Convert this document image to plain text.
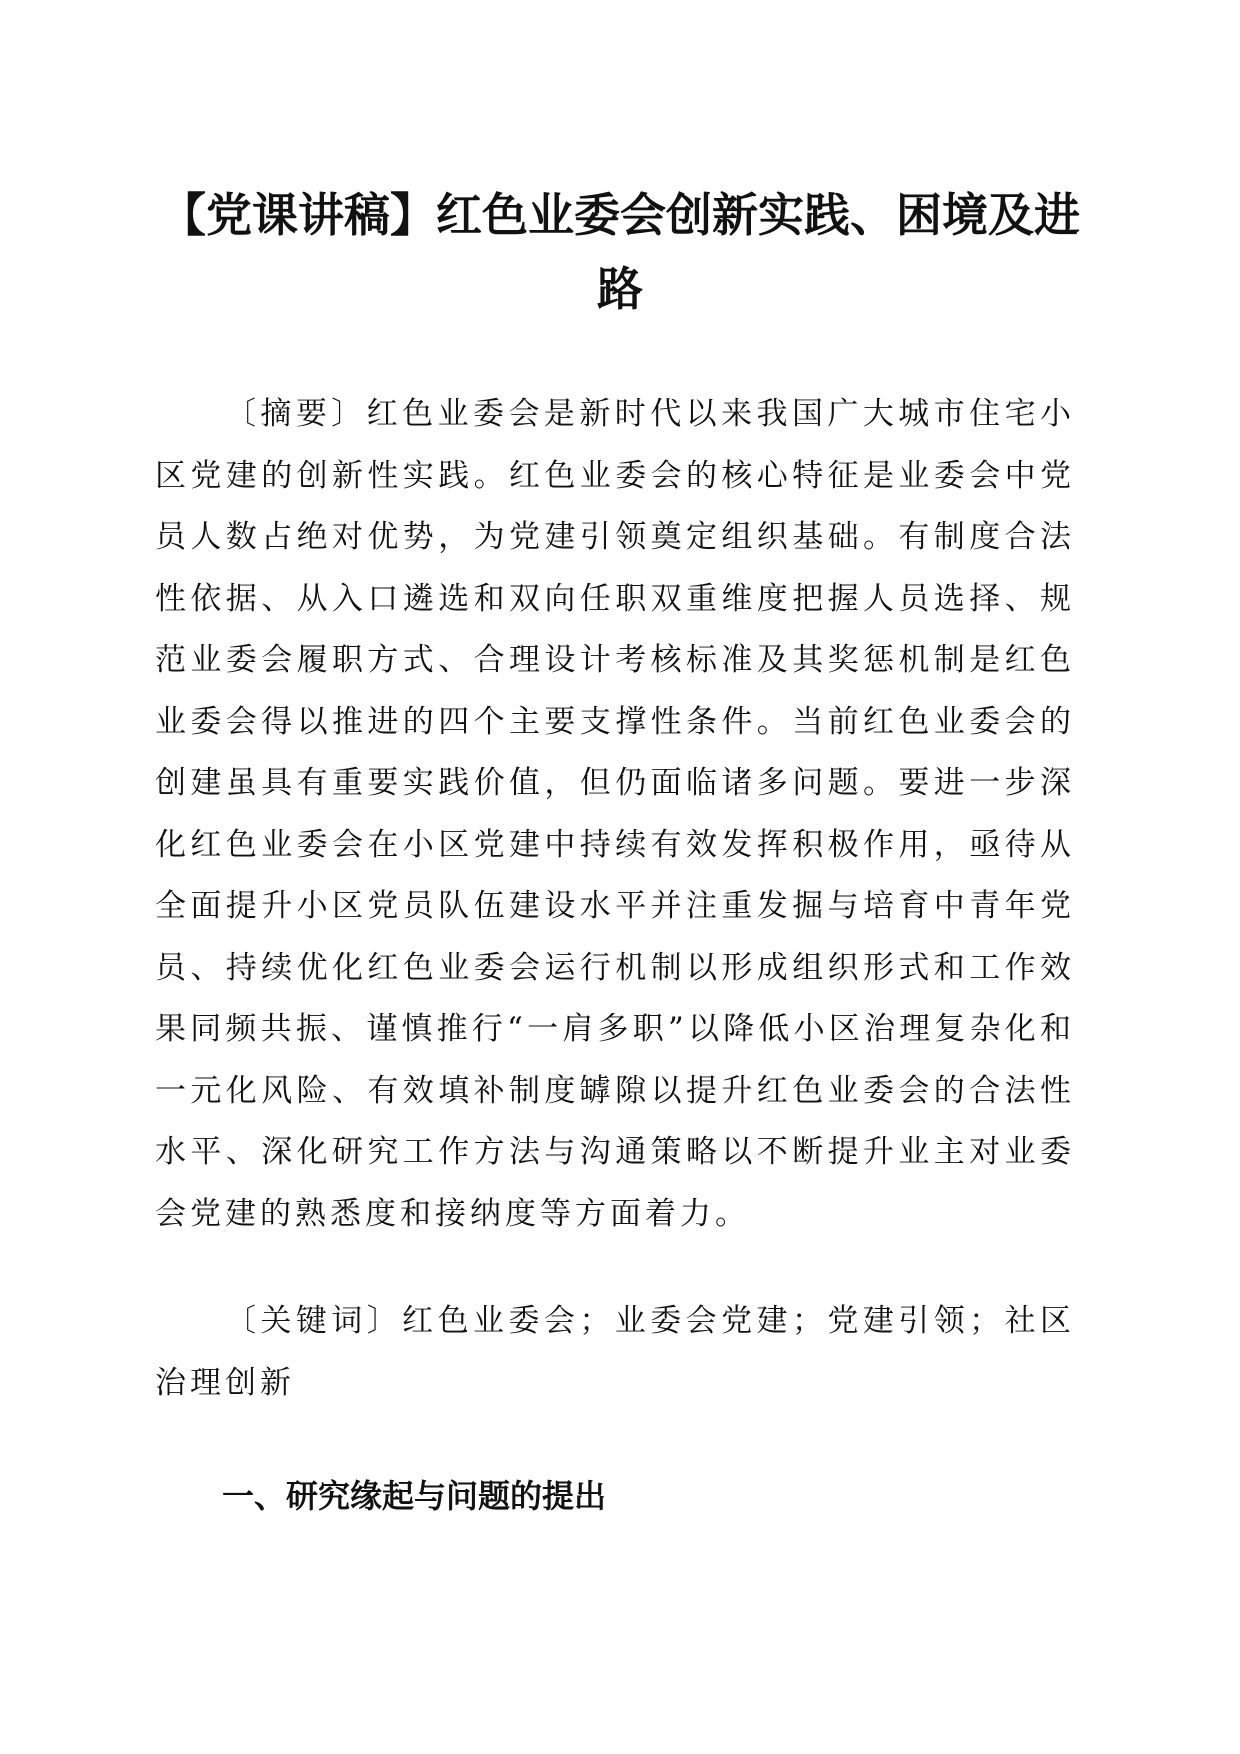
【党课讲稿】红色业委会创新实践、困境及进路

〔摘要〕红色业委会是新时代以来我国广大城市住宅小区党建的创新性实践。红色业委会的核心特征是业委会中党员人数占绝对优势，为党建引领奠定组织基础。有制度合法性依据、从入口遴选和双向任职双重维度把握人员选择、规范业委会履职方式、合理设计考核标准及其奖惩机制是红色业委会得以推进的四个主要支撑性条件。当前红色业委会的创建虽具有重要实践价值，但仍面临诸多问题。要进一步深化红色业委会在小区党建中持续有效发挥积极作用，亟待从全面提升小区党员队伍建设水平并注重发掘与培育中青年党员、持续优化红色业委会运行机制以形成组织形式和工作效果同频共振、谨慎推行“一肩多职”以降低小区治理复杂化和一元化风险、有效填补制度罅隙以提升红色业委会的合法性水平、深化研究工作方法与沟通策略以不断提升业主对业委会党建的熟悉度和接纳度等方面着力。

〔关键词〕红色业委会；业委会党建；党建引领；社区治理创新

一、研究缘起与问题的提出
